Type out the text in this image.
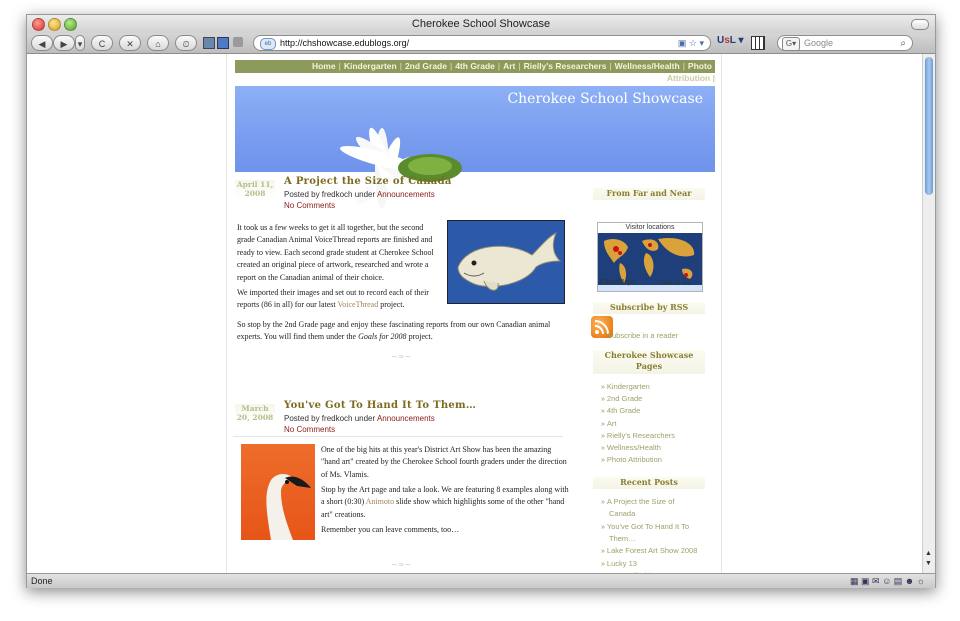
Cherokee School Showcase
◀	▶	▾	C	✕	⌂	⏲	eb http://chshowcase.edublogs.org/	▣ ☆ ▾ UsL ▾	G▾ Google	⌕
Home | Kindergarten | 2nd Grade | 4th Grade | Art | Rielly's Researchers | Wellness/Health | Photo
Attribution |
Cherokee School Showcase
April 11,
2008
A Project the Size of Canada
Posted by fredkoch under Announcements
No Comments
It took us a few weeks to get it all together, but the second grade Canadian Animal VoiceThread reports are finished and ready to view. Each second grade student at Cherokee School created an original piece of artwork, researched and wrote a report on the Canadian animal of their choice.
We imported their images and set out to record each of their reports (86 in all) for our latest VoiceThread project.
So stop by the 2nd Grade page and enjoy these fascinating reports from our own Canadian animal experts. You will find them under the Goals for 2008 project.
~≈~
March
20, 2008
You've Got To Hand It To Them…
Posted by fredkoch under Announcements
No Comments
One of the big hits at this year's District Art Show has been the amazing "hand art" created by the Cherokee School fourth graders under the direction of Ms. Vlamis.
Stop by the Art page and take a look. We are featuring 8 examples along with a short (0:30) Animoto slide show which highlights some of the other "hand art" creations.
Remember you can leave comments, too…
~≈~
From Far and Near
Visitor locations
ClustrMaps	Click to see
Subscribe by RSS
Subscribe in a reader
Cherokee Showcase Pages
» Kindergarten
» 2nd Grade
» 4th Grade
» Art
» Rielly's Researchers
» Wellness/Health
» Photo Attribution
Recent Posts
» A Project the Size of
Canada
» You've Got To Hand It To
Them…
» Lake Forest Art Show 2008
» Lucky 13
▲
▼
Done	▦ ▣ ✉ ☺ ▤ ☻ ☼
